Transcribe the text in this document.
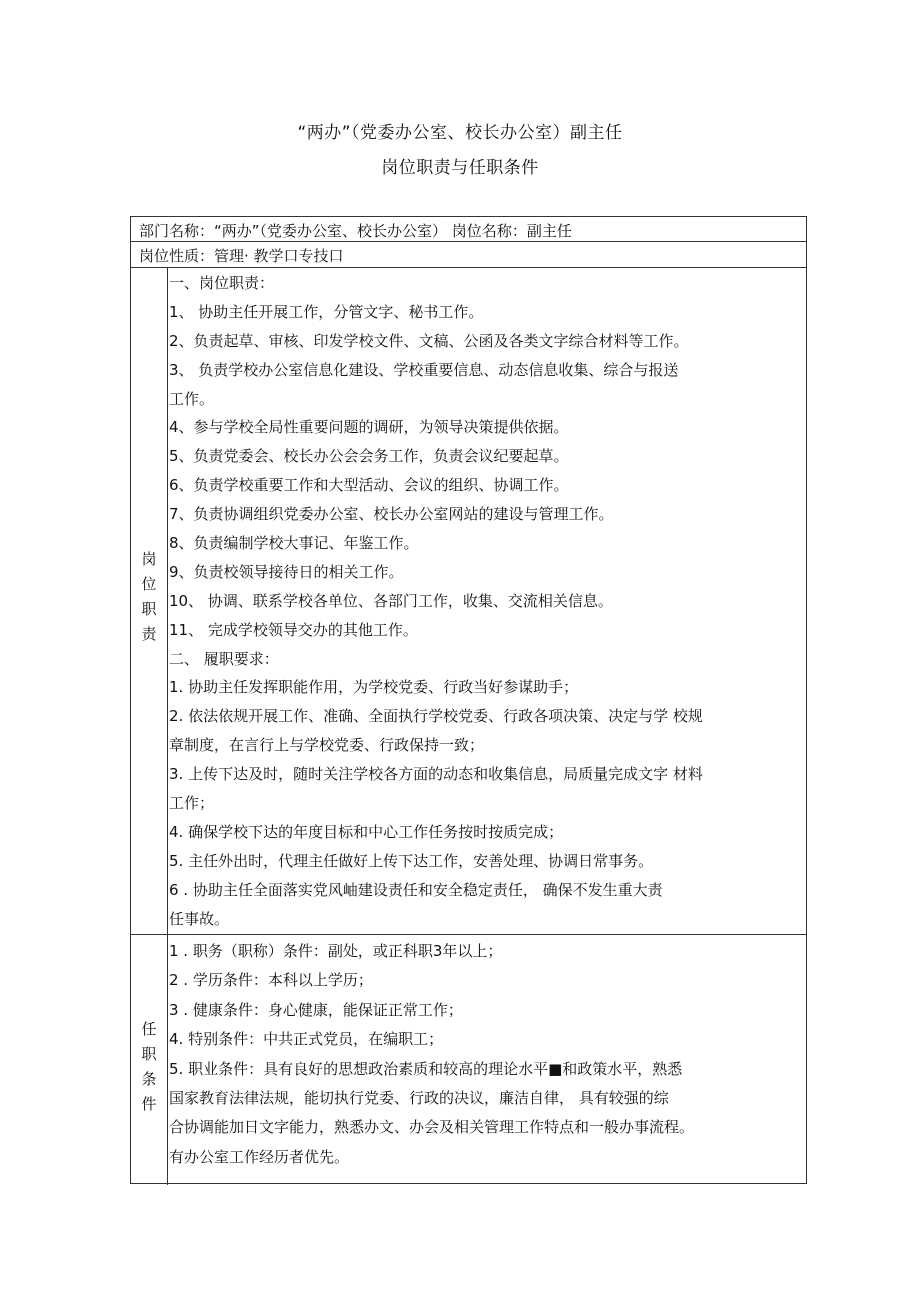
“两办”（党委办公室、校长办公室）副主任
岗位职责与任职条件
部门名称：“两办”（党委办公室、校长办公室） 岗位名称：副主任
岗位性质：管理· 教学口专技口
岗
位
职
责
一、岗位职责：
1、 协助主任开展工作，分管文字、秘书工作。
2、负责起草、审核、印发学校文件、文稿、公函及各类文字综合材料等工作。
3、 负责学校办公室信息化建设、学校重要信息、动态信息收集、综合与报送
工作。
4、参与学校全局性重要问题的调研，为领导决策提供依据。
5、负责党委会、校长办公会会务工作，负责会议纪要起草。
6、负责学校重要工作和大型活动、会议的组织、协调工作。
7、负责协调组织党委办公室、校长办公室网站的建设与管理工作。
8、负责编制学校大事记、年鉴工作。
9、负责校领导接待日的相关工作。
10、 协调、联系学校各单位、各部门工作，收集、交流相关信息。
11、 完成学校领导交办的其他工作。
二、 履职要求：
1. 协助主任发挥职能作用，为学校党委、行政当好参谋助手；
2. 依法依规开展工作、准确、全面执行学校党委、行政各项决策、决定与学 校规
章制度，在言行上与学校党委、行政保持一致；
3. 上传下达及时，随时关注学校各方面的动态和收集信息，局质量完成文字 材料
工作；
4. 确保学校下达的年度目标和中心工作任务按时按质完成；
5. 主任外出时，代理主任做好上传下达工作，安善处理、协调日常事务。
6 . 协助主任全面落实党风岫建设责任和安全稳定责任， 确保不发生重大责
任事故。
任
职
条
件
1 . 职务（职称）条件：副处，或正科职3年以上；
2 . 学历条件：本科以上学历；
3 . 健康条件：身心健康，能保证正常工作；
4. 特别条件：中共正式党员，在编职工；
5. 职业条件：具有良好的思想政治素质和较高的理论水平■和政策水平，熟悉
国家教育法律法规，能切执行党委、行政的决议，廉洁自律， 具有较强的综
合协调能加日文字能力，熟悉办文、办会及相关管理工作特点和一般办事流程。
有办公室工作经历者优先。
